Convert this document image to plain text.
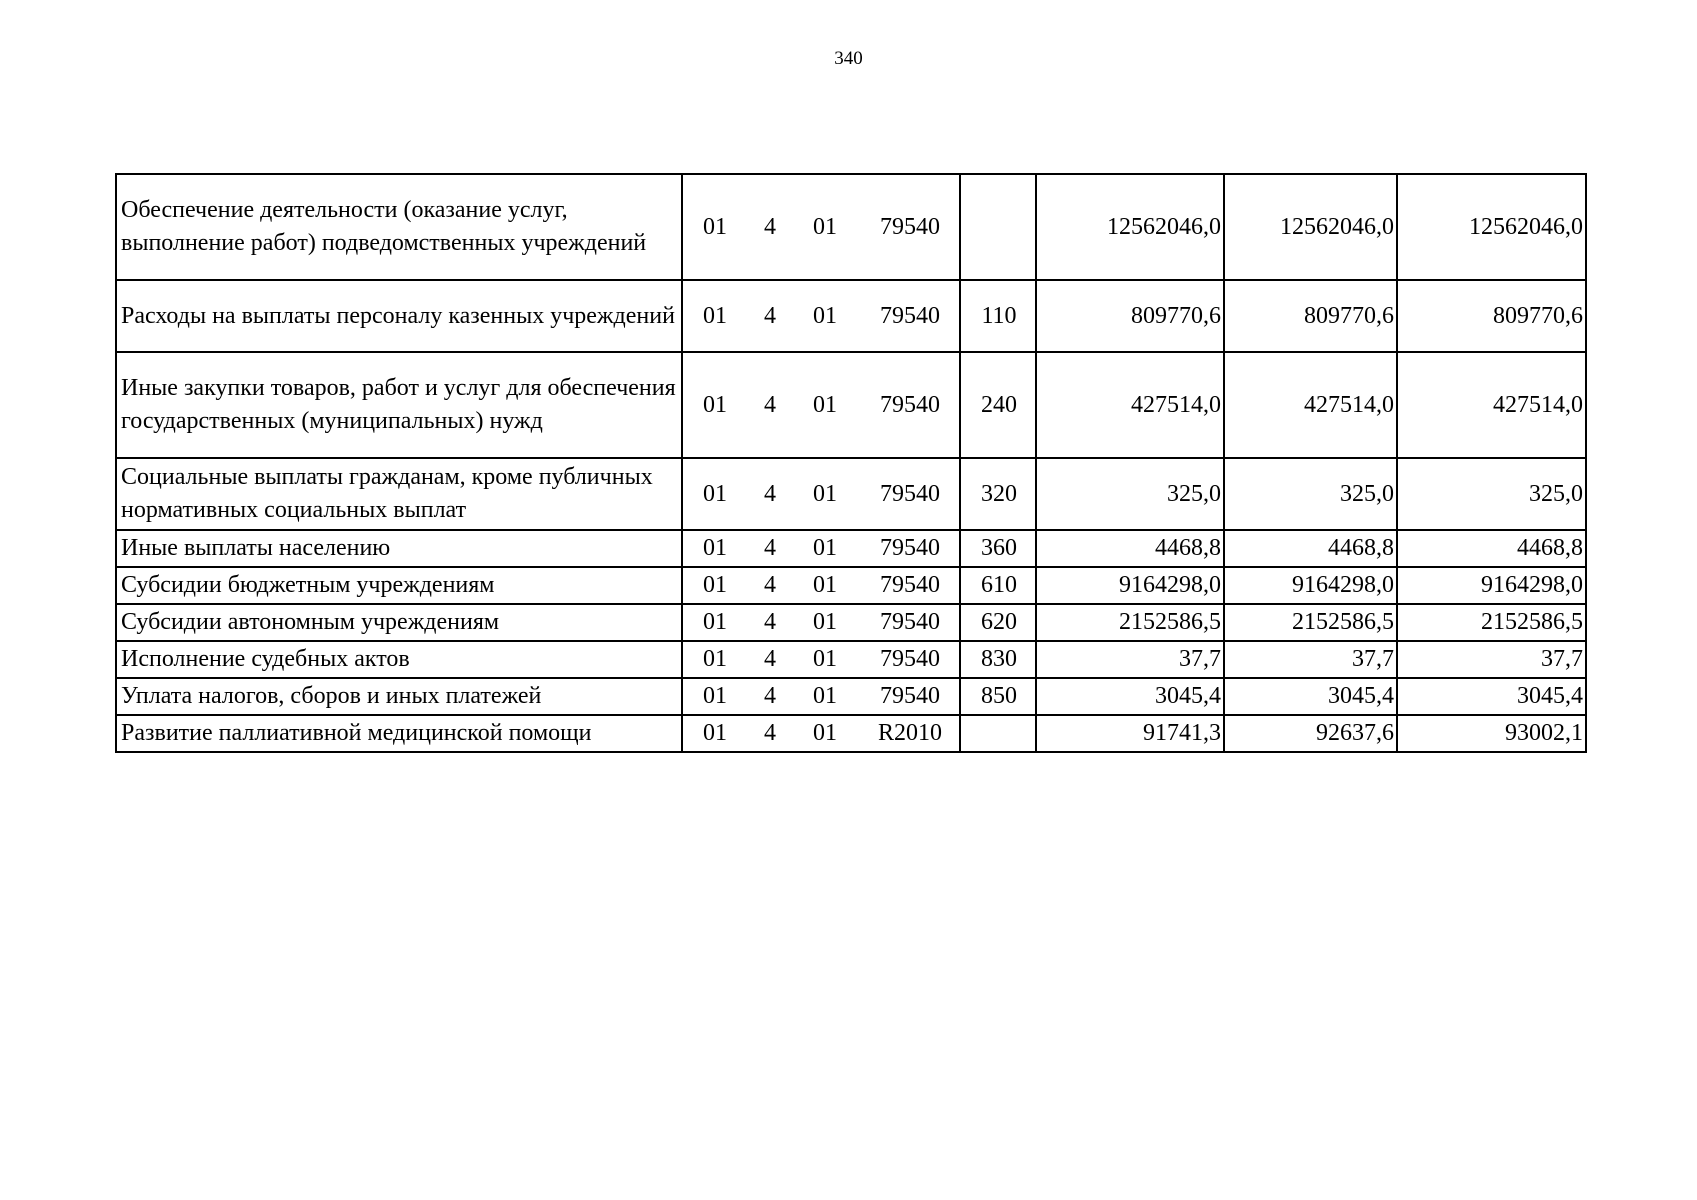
340
Обеспечение деятельности (оказание услуг, выполнение работ) подведомственных учреждений	01 4 01 79540		12562046,0	12562046,0	12562046,0
Расходы на выплаты персоналу казенных учреждений	01 4 01 79540	110	809770,6	809770,6	809770,6
Иные закупки товаров, работ и услуг для обеспечения государственных (муниципальных) нужд	01 4 01 79540	240	427514,0	427514,0	427514,0
Социальные выплаты гражданам, кроме публичных нормативных социальных выплат	01 4 01 79540	320	325,0	325,0	325,0
Иные выплаты населению	01 4 01 79540	360	4468,8	4468,8	4468,8
Субсидии бюджетным учреждениям	01 4 01 79540	610	9164298,0	9164298,0	9164298,0
Субсидии автономным учреждениям	01 4 01 79540	620	2152586,5	2152586,5	2152586,5
Исполнение судебных актов	01 4 01 79540	830	37,7	37,7	37,7
Уплата налогов, сборов и иных платежей	01 4 01 79540	850	3045,4	3045,4	3045,4
Развитие паллиативной медицинской помощи	01 4 01 R2010		91741,3	92637,6	93002,1
